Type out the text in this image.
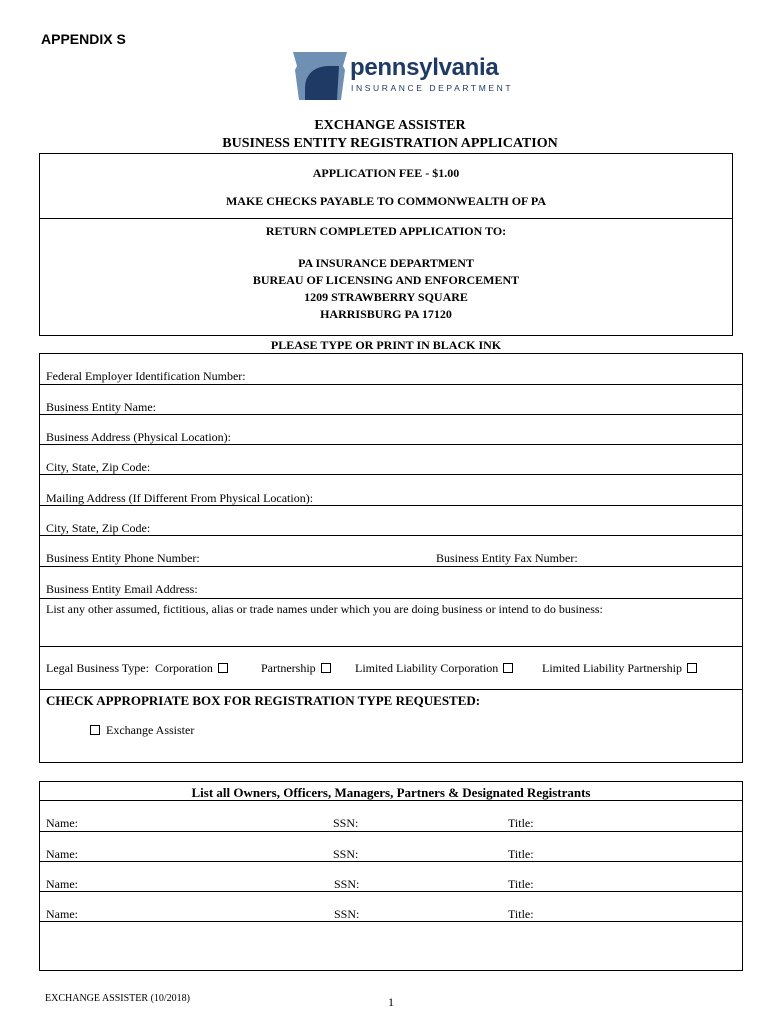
APPENDIX S
pennsylvania
INSURANCE DEPARTMENT
EXCHANGE ASSISTER
BUSINESS ENTITY REGISTRATION APPLICATION
APPLICATION FEE - $1.00
MAKE CHECKS PAYABLE TO COMMONWEALTH OF PA
RETURN COMPLETED APPLICATION TO:
PA INSURANCE DEPARTMENT
BUREAU OF LICENSING AND ENFORCEMENT
1209 STRAWBERRY SQUARE
HARRISBURG PA 17120
PLEASE TYPE OR PRINT IN BLACK INK
Federal Employer Identification Number:
Business Entity Name:
Business Address (Physical Location):
City, State, Zip Code:
Mailing Address (If Different From Physical Location):
City, State, Zip Code:
Business Entity Phone Number:	Business Entity Fax Number:
Business Entity Email Address:
List any other assumed, fictitious, alias or trade names under which you are doing business or intend to do business:
Legal Business Type: Corporation	Partnership	Limited Liability Corporation	Limited Liability Partnership
CHECK APPROPRIATE BOX FOR REGISTRATION TYPE REQUESTED:
Exchange Assister
List all Owners, Officers, Managers, Partners & Designated Registrants
Name:	SSN:	Title:
Name:	SSN:	Title:
Name:	SSN:	Title:
Name:	SSN:	Title:
EXCHANGE ASSISTER (10/2018)	1
